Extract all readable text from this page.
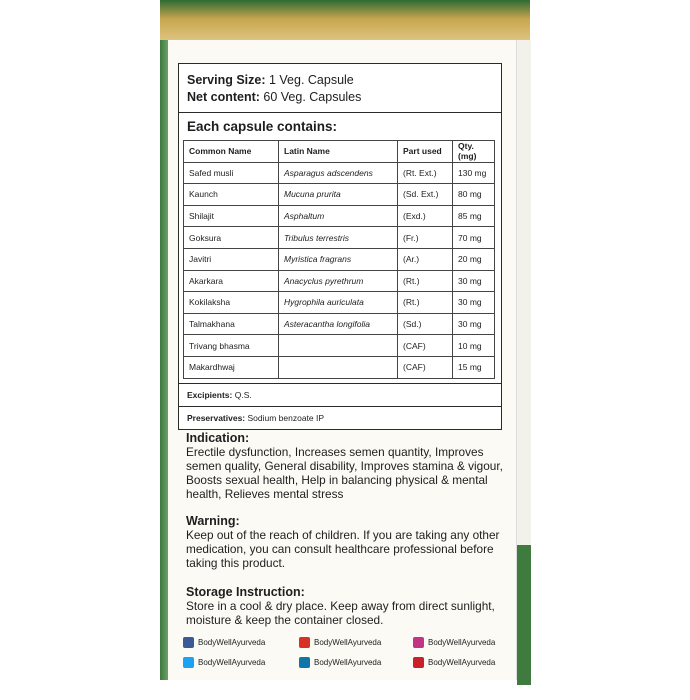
Serving Size: 1 Veg. Capsule
Net content: 60 Veg. Capsules
Each capsule contains:
Common Name	Latin Name	Part used	Qty.(mg)
Safed musli	Asparagus adscendens	(Rt. Ext.)	130 mg
Kaunch	Mucuna prurita	(Sd. Ext.)	80 mg
Shilajit	Asphaltum	(Exd.)	85 mg
Goksura	Tribulus terrestris	(Fr.)	70 mg
Javitri	Myristica fragrans	(Ar.)	20 mg
Akarkara	Anacyclus pyrethrum	(Rt.)	30 mg
Kokilaksha	Hygrophila auriculata	(Rt.)	30 mg
Talmakhana	Asteracantha longifolia	(Sd.)	30 mg
Trivang bhasma		(CAF)	10 mg
Makardhwaj		(CAF)	15 mg
Excipients: Q.S.
Preservatives: Sodium benzoate IP
Indication:
Erectile dysfunction, Increases semen quantity, Improves semen quality, General disability, Improves stamina & vigour, Boosts sexual health, Help in balancing physical & mental health, Relieves mental stress
Warning:
Keep out of the reach of children. If you are taking any other medication, you can consult healthcare professional before taking this product.
Storage Instruction:
Store in a cool & dry place. Keep away from direct sunlight, moisture & keep the container closed.
BodyWellAyurveda	BodyWellAyurveda	BodyWellAyurveda
BodyWellAyurveda	BodyWellAyurveda	BodyWellAyurveda
